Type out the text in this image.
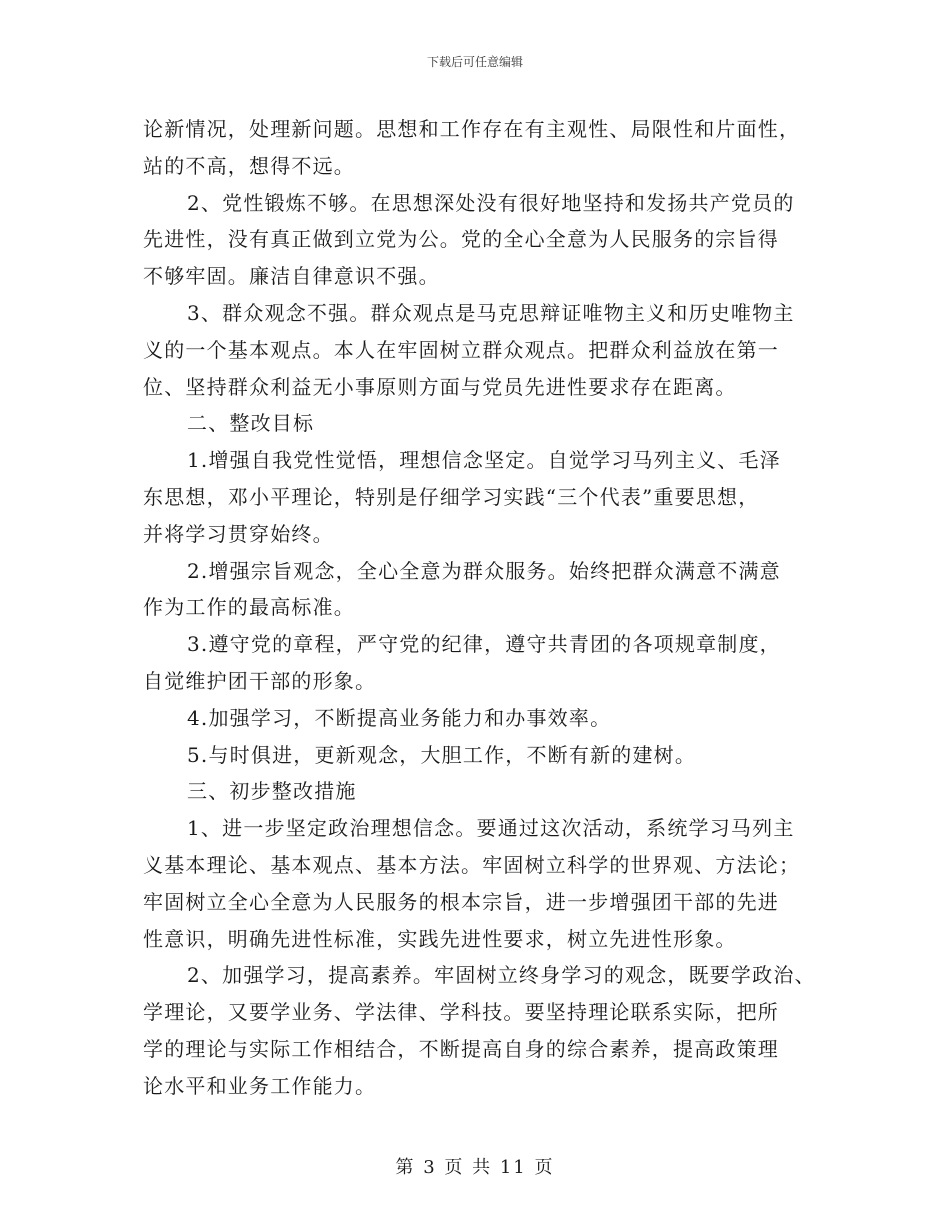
下载后可任意编辑
论新情况，处理新问题。思想和工作存在有主观性、局限性和片面性，
站的不高，想得不远。
2、党性锻炼不够。在思想深处没有很好地坚持和发扬共产党员的
先进性，没有真正做到立党为公。党的全心全意为人民服务的宗旨得
不够牢固。廉洁自律意识不强。
3、群众观念不强。群众观点是马克思辩证唯物主义和历史唯物主
义的一个基本观点。本人在牢固树立群众观点。把群众利益放在第一
位、坚持群众利益无小事原则方面与党员先进性要求存在距离。
二、整改目标
1.增强自我党性觉悟，理想信念坚定。自觉学习马列主义、毛泽
东思想，邓小平理论，特别是仔细学习实践“三个代表”重要思想，
并将学习贯穿始终。
2.增强宗旨观念，全心全意为群众服务。始终把群众满意不满意
作为工作的最高标准。
3.遵守党的章程，严守党的纪律，遵守共青团的各项规章制度，
自觉维护团干部的形象。
4.加强学习，不断提高业务能力和办事效率。
5.与时俱进，更新观念，大胆工作，不断有新的建树。
三、初步整改措施
1、进一步坚定政治理想信念。要通过这次活动，系统学习马列主
义基本理论、基本观点、基本方法。牢固树立科学的世界观、方法论；
牢固树立全心全意为人民服务的根本宗旨，进一步增强团干部的先进
性意识，明确先进性标准，实践先进性要求，树立先进性形象。
2、加强学习，提高素养。牢固树立终身学习的观念，既要学政治、
学理论，又要学业务、学法律、学科技。要坚持理论联系实际，把所
学的理论与实际工作相结合，不断提高自身的综合素养，提高政策理
论水平和业务工作能力。
第 3 页 共 11 页
